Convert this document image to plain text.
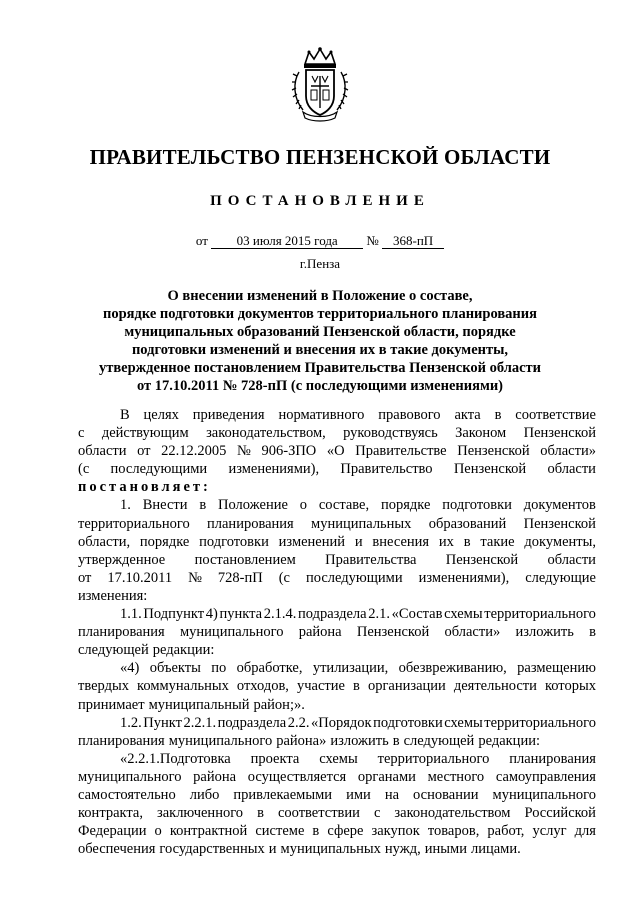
ПРАВИТЕЛЬСТВО ПЕНЗЕНСКОЙ ОБЛАСТИ
ПОСТАНОВЛЕНИЕ
от 03 июля 2015 года № 368-пП
г.Пенза
О внесении изменений в Положение о составе,
порядке подготовки документов территориального планирования
муниципальных образований Пензенской области, порядке
подготовки изменений и внесения их в такие документы,
утвержденное постановлением Правительства Пензенской области
от 17.10.2011 № 728-пП (с последующими изменениями)
В целях приведения нормативного правового акта в соответствие
с действующим законодательством, руководствуясь Законом Пензенской
области от 22.12.2005 № 906-ЗПО «О Правительстве Пензенской области»
(с последующими изменениями), Правительство Пензенской области
постановляет:
1. Внести в Положение о составе, порядке подготовки документов
территориального планирования муниципальных образований Пензенской
области, порядке подготовки изменений и внесения их в такие документы,
утвержденное постановлением Правительства Пензенской области
от 17.10.2011 № 728-пП (с последующими изменениями), следующие
изменения:
1.1. Подпункт 4) пункта 2.1.4. подраздела 2.1. «Состав схемы территориального
планирования муниципального района Пензенской области» изложить в
следующей редакции:
«4) объекты по обработке, утилизации, обезвреживанию, размещению
твердых коммунальных отходов, участие в организации деятельности которых
принимает муниципальный район;».
1.2. Пункт 2.2.1. подраздела 2.2. «Порядок подготовки схемы территориального
планирования муниципального района» изложить в следующей редакции:
«2.2.1.Подготовка проекта схемы территориального планирования
муниципального района осуществляется органами местного самоуправления
самостоятельно либо привлекаемыми ими на основании муниципального
контракта, заключенного в соответствии с законодательством Российской
Федерации о контрактной системе в сфере закупок товаров, работ, услуг для
обеспечения государственных и муниципальных нужд, иными лицами.
